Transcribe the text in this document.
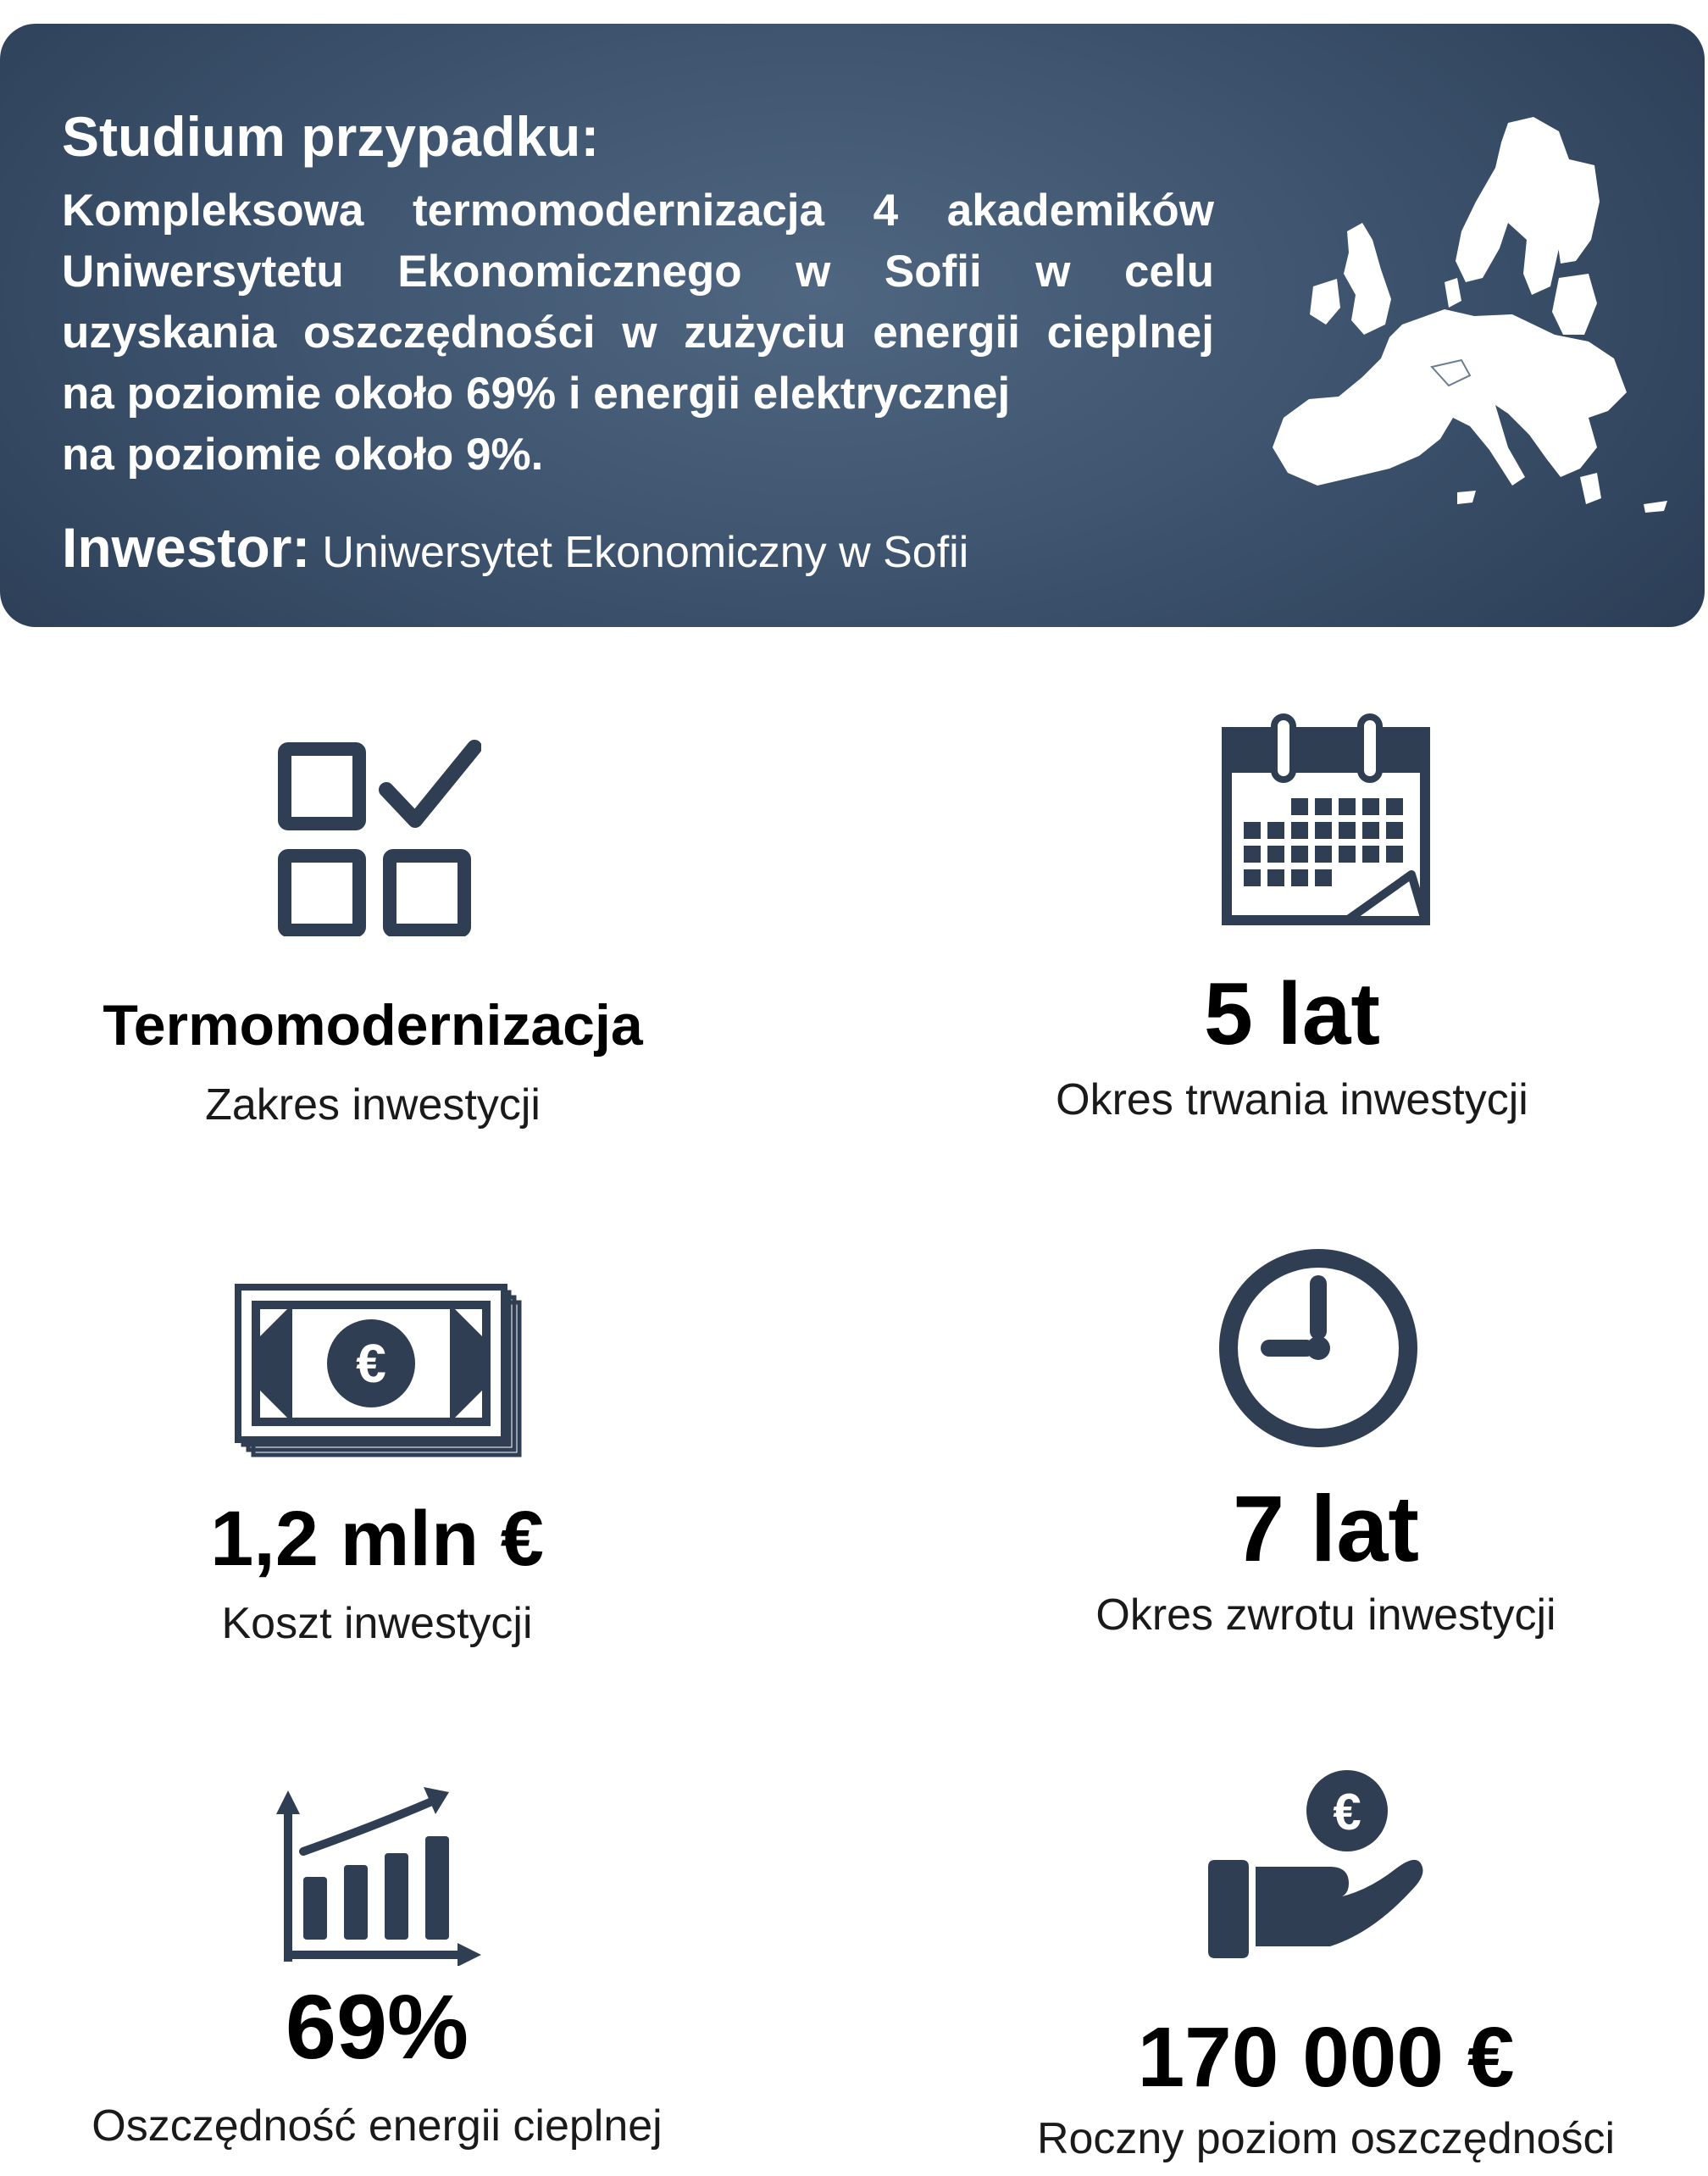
Studium przypadku:
Kompleksowa termomodernizacja 4 akademików
Uniwersytetu Ekonomicznego w Sofii w celu
uzyskania oszczędności w zużyciu energii cieplnej
na poziomie około 69% i energii elektrycznej
na poziomie około 9%.
Inwestor: Uniwersytet Ekonomiczny w Sofii
€
€
Termomodernizacja
Zakres inwestycji
5 lat
Okres trwania inwestycji
1,2 mln €
Koszt inwestycji
7 lat
Okres zwrotu inwestycji
69%
Oszczędność energii cieplnej
170 000 €
Roczny poziom oszczędności
